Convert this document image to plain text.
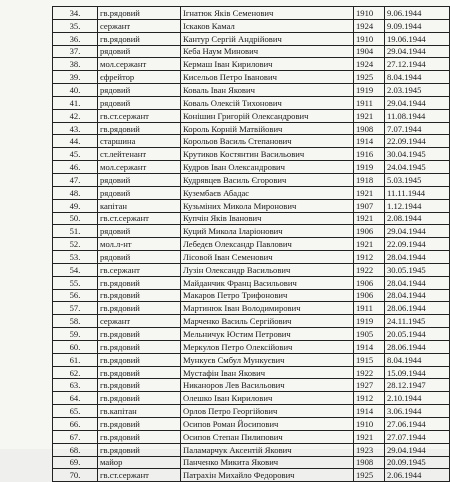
34.	гв.рядовий	Ігнатюк Яків Семенович	1910	9.06.1944
35.	сержант	Іскаков Камал	1924	9.09.1944
36.	гв.рядовий	Кантур Сергій Андрійович	1910	19.06.1944
37.	рядовий	Кеба Наум Минович	1904	29.04.1944
38.	мол.сержант	Кермаш Іван Кирилович	1924	27.12.1944
39.	єфрейтор	Кисельов Петро Іванович	1925	8.04.1944
40.	рядовий	Коваль Іван Якович	1919	2.03.1945
41.	рядовий	Коваль Олексій Тихонович	1911	29.04.1944
42.	гв.ст.сержант	Конішин Григорій Олександрович	1921	11.08.1944
43.	гв.рядовий	Король Корній Матвійович	1908	7.07.1944
44.	старшина	Корольов Василь Степанович	1914	22.09.1944
45.	ст.лейтенант	Крутиков Костянтин Васильович	1916	30.04.1945
46.	мол.сержант	Кудров Іван Олександрович	1919	24.04.1945
47.	рядовий	Кудрявцев Василь Єгорович	1918	5.03.1945
48.	рядовий	Кузембаєв Абадас	1921	11.11.1944
49.	капітан	Кузьміних Микола Миронович	1907	1.12.1944
50.	гв.ст.сержант	Купчін Яків Іванович	1921	2.08.1944
51.	рядовий	Куций Микола Іларіонович	1906	29.04.1944
52.	мол.л-нт	Лебедєв Олександр Павлович	1921	22.09.1944
53.	рядовий	Лісовой Іван Семенович	1912	28.04.1944
54.	гв.сержант	Лузін Олександр Васильович	1922	30.05.1945
55.	гв.рядовий	Майданчик Франц Васильович	1906	28.04.1944
56.	гв.рядовий	Макаров Петро Трифонович	1906	28.04.1944
57.	гв.рядовий	Мартинюк Іван Володимирович	1911	28.06.1944
58.	сержант	Марченко Василь Сергійович	1919	24.11.1945
59.	гв.рядовий	Мельничук Юстим Петрович	1905	20.05.1944
60.	гв.рядовий	Меркулов Петро Олексійович	1914	28.06.1944
61.	гв.рядовий	Мункуєв Смбул Мункуєвич	1915	8.04.1944
62.	гв.рядовий	Мустафін Іван Якович	1922	15.09.1944
63.	гв.рядовий	Никаноров Лев Васильович	1927	28.12.1947
64.	гв.рядовий	Олешко Іван Кирилович	1912	2.10.1944
65.	гв.капітан	Орлов Петро Георгійович	1914	3.06.1944
66.	гв.рядовий	Осипов Роман Йосипович	1910	27.06.1944
67.	гв.рядовий	Осипов Степан Пилипович	1921	27.07.1944
68.	гв.рядовий	Паламарчук Аксентій Якович	1923	29.04.1944
69.	майор	Панченко Микита Якович	1908	20.09.1945
70.	гв.ст.сержант	Патрахін Михайло Федорович	1925	2.06.1944
